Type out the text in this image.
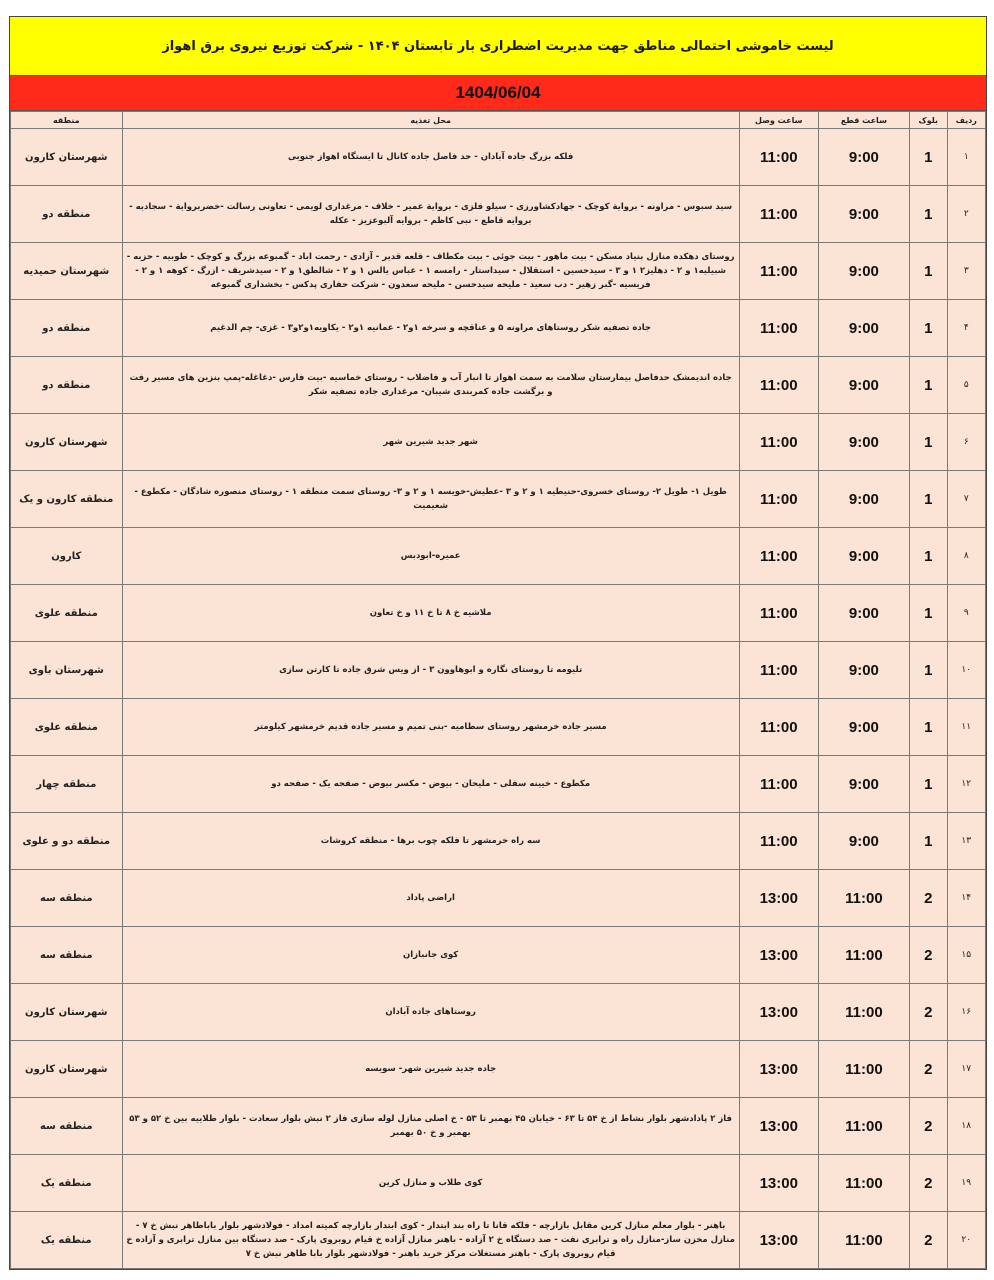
لیست خاموشی احتمالی مناطق جهت مدیریت اضطراری بار تابستان ۱۴۰۴ - شرکت توزیع نیروی برق اهواز
1404/06/04
ردیف	بلوک	ساعت قطع	ساعت وصل	محل تغذیه	منطقه
۱	1	9:00	11:00	فلکه بزرگ جاده آبادان - حد فاصل جاده کانال تا ایستگاه اهواز جنوبی	شهرستان کارون
۲	1	9:00	11:00	سید سبوس - مراونه - برواية کوچک - جهادکشاورزی - سیلو فلزی - برواية عمیر - خلاف - مرغداری لویمی - تعاونی رسالت -خضربرواية - سجادیه - بروایه قاطع - نبی کاظم - بروایه آلبوعزیز - عکله	منطقه دو
۳	1	9:00	11:00	روستای دهکده منازل بنیاد مسکن - بیت ماهور - بیت جوئی - بیت مکطاف - قلعه قدیر - آزادی - رحمت اباد - گمبوعه بزرگ و کوچک - طوبیه - حزبه - شبیلیه۱ و ۲ - دهلیز۲ ۱ و ۳ - سیدحسین - استقلال - سیداستار - رامسه ۱ - عباس یالس ۱ و ۲ - شالطق۱ و ۲ - سیدشریف - ازرگ - کوهه ۱ و ۲ - فریسیه -گبر زهیر - دب سعید - ملیحه سیدحسن - ملیحه سعدون - شرکت حفاری پدکس - بخشداری گمبوعه	شهرستان حمیدیه
۴	1	9:00	11:00	جاده تصفیه شکر روستاهای مراونه ۵ و عناقچه و سرخه ۱و۲ - عمانیه ۱و۲ - یکاویه۱و۲و۳ - غزی- چم الدغیم	منطقه دو
۵	1	9:00	11:00	جاده اندیمشک حدفاصل بیمارستان سلامت به سمت اهواز تا انبار آب و فاضلاب - روستای خماسیه -بیت فارس -دغاغله-پمپ بنزین های مسیر رفت و برگشت جاده کمربندی شیبان- مرغداری جاده تصفیه شکر	منطقه دو
۶	1	9:00	11:00	شهر جدید شیرین شهر	شهرستان کارون
۷	1	9:00	11:00	طویل ۱- طویل ۲- روستای خسروی-حنیطیه ۱ و ۲ و ۳ -عطیش-خویسه ۱ و ۲ و ۳- روستای سمت منطقه ۱ - روستای منصوره شادگان - مکطوع - شعیمیت	منطقه کارون و یک
۸	1	9:00	11:00	عمیره-ابودبس	کارون
۹	1	9:00	11:00	ملاشیه خ ۸ تا خ ۱۱ و خ تعاون	منطقه علوی
۱۰	1	9:00	11:00	تلیومه تا روستای نگاره و ابوهاوون ۳ - از ویس شرق جاده تا کارتن سازی	شهرستان باوی
۱۱	1	9:00	11:00	مسیر جاده خرمشهر روستای سطامیه -بنی تمیم و مسیر جاده قدیم خرمشهر کیلومتر	منطقه علوی
۱۲	1	9:00	11:00	مکطوع - خیینه سفلی - ملیحان - بیوض - مکسر بیوض - صفحه یک - صفحه دو	منطقه چهار
۱۳	1	9:00	11:00	سه راه خرمشهر تا فلکه چوب برها - منطقه کروشات	منطقه دو و علوی
۱۴	2	11:00	13:00	اراضی پاداد	منطقه سه
۱۵	2	11:00	13:00	کوی جانبازان	منطقه سه
۱۶	2	11:00	13:00	روستاهای جاده آبادان	شهرستان کارون
۱۷	2	11:00	13:00	جاده جدید شیرین شهر- سویسه	شهرستان کارون
۱۸	2	11:00	13:00	فاز ۲ پادادشهر بلوار نشاط از خ ۵۴ تا ۶۳ - خیابان ۴۵ بهمبر تا ۵۳ - خ اصلی منازل لوله سازی فاز ۲ نبش بلوار سعادت - بلوار طلاییه بین خ ۵۲ و ۵۳ بهمبر و خ ۵۰ بهمبر	منطقه سه
۱۹	2	11:00	13:00	کوی طلاب و منازل کرین	منطقه یک
۲۰	2	11:00	13:00	باهنر - بلوار معلم منازل کرین مقابل بازارچه - فلکه قانا تا راه بند ابتدار - کوی ابتدار بازارچه کمیته امداد - فولادشهر بلوار باباطاهر نبش خ ۷ - منازل مخزن ساز-منازل راه و ترابری نفت - صد دستگاه خ ۲ آزاده - باهنر منازل آزاده خ قیام روبروی پارک - صد دستگاه بین منازل ترابری و آزاده خ قیام روبروی پارک - باهنر مستغلات مرکز خرید باهنر - فولادشهر بلوار بابا طاهر نبش خ ۷	منطقه یک
